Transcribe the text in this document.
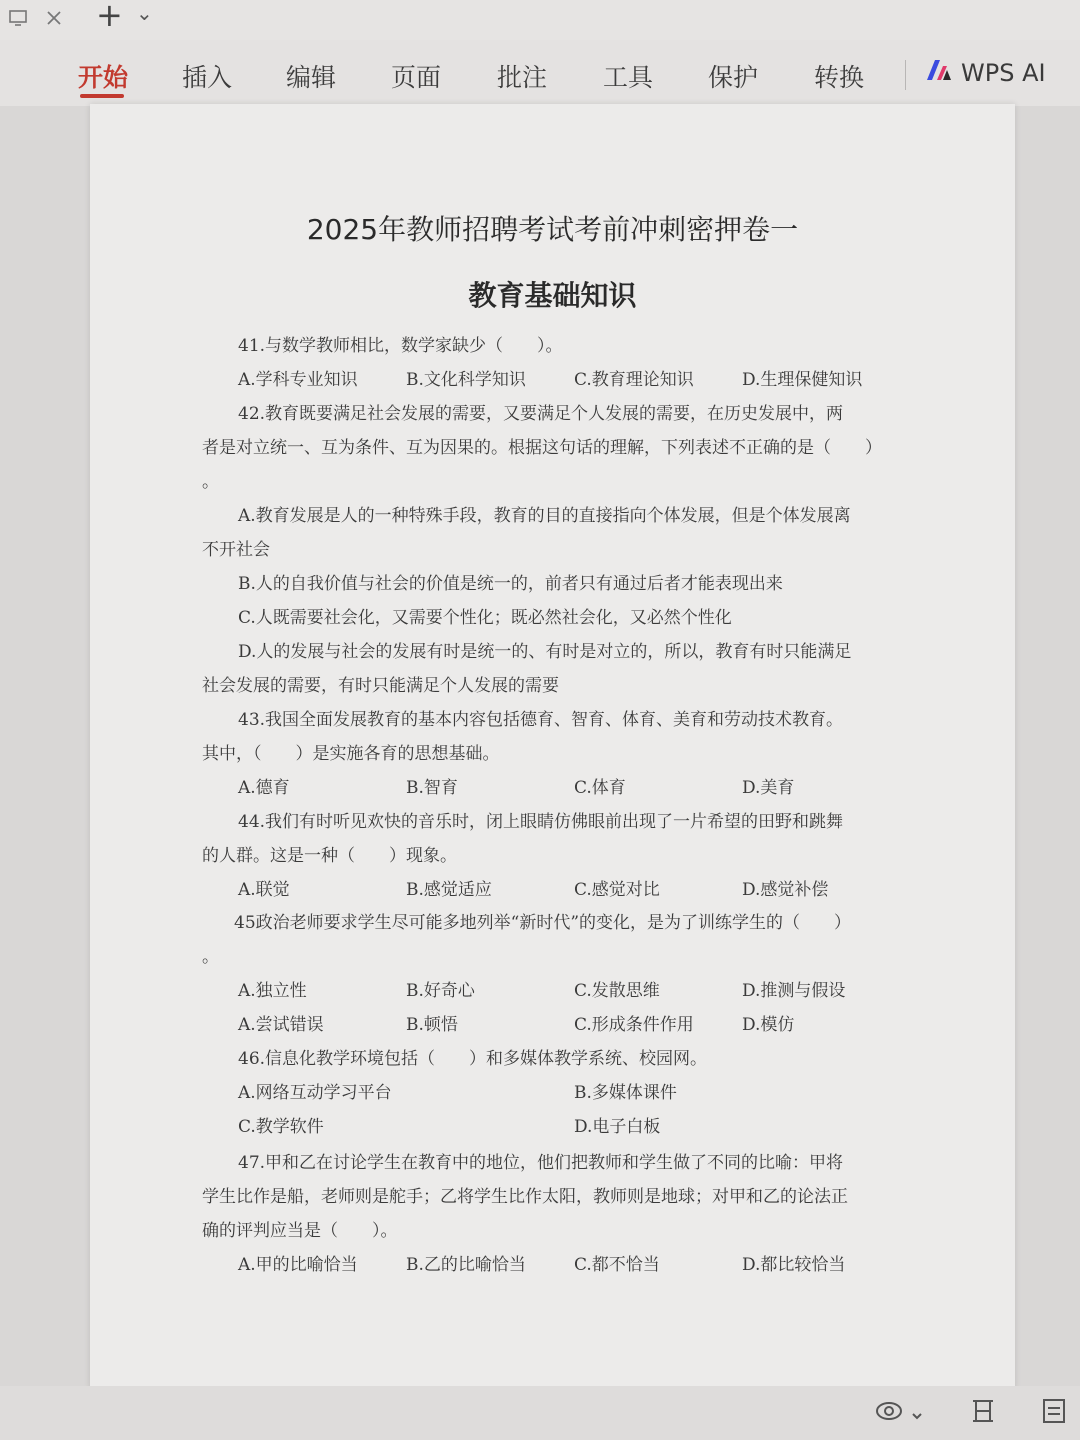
+ ⌄
开始 插入 编辑 页面 批注 工具 保护 转换	WPS AI
2025年教师招聘考试考前冲刺密押卷一
教育基础知识
41.与数学教师相比，数学家缺少（　　）。
A.学科专业知识	B.文化科学知识	C.教育理论知识	D.生理保健知识
42.教育既要满足社会发展的需要，又要满足个人发展的需要，在历史发展中，两
者是对立统一、互为条件、互为因果的。根据这句话的理解，下列表述不正确的是（　　）
。
A.教育发展是人的一种特殊手段，教育的目的直接指向个体发展，但是个体发展离
不开社会
B.人的自我价值与社会的价值是统一的，前者只有通过后者才能表现出来
C.人既需要社会化，又需要个性化；既必然社会化，又必然个性化
D.人的发展与社会的发展有时是统一的、有时是对立的，所以，教育有时只能满足
社会发展的需要，有时只能满足个人发展的需要
43.我国全面发展教育的基本内容包括德育、智育、体育、美育和劳动技术教育。
其中，（　　）是实施各育的思想基础。
A.德育	B.智育	C.体育	D.美育
44.我们有时听见欢快的音乐时，闭上眼睛仿佛眼前出现了一片希望的田野和跳舞
的人群。这是一种（　　）现象。
A.联觉	B.感觉适应	C.感觉对比	D.感觉补偿
45政治老师要求学生尽可能多地列举“新时代”的变化，是为了训练学生的（　　）
。
A.独立性	B.好奇心	C.发散思维	D.推测与假设
A.尝试错误	B.顿悟	C.形成条件作用	D.模仿
46.信息化教学环境包括（　　）和多媒体教学系统、校园网。
A.网络互动学习平台	B.多媒体课件
C.教学软件	D.电子白板
47.甲和乙在讨论学生在教育中的地位，他们把教师和学生做了不同的比喻：甲将
学生比作是船，老师则是舵手；乙将学生比作太阳，教师则是地球；对甲和乙的论法正
确的评判应当是（　　）。
A.甲的比喻恰当	B.乙的比喻恰当	C.都不恰当	D.都比较恰当
